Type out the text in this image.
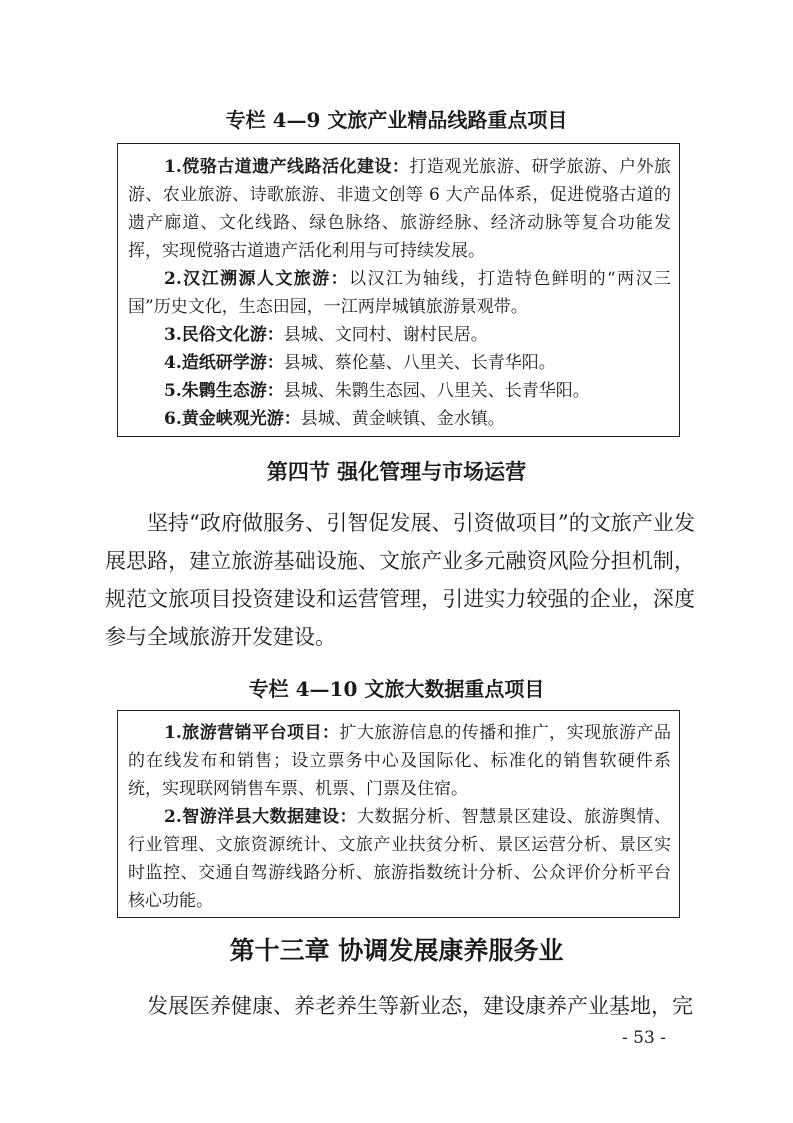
专栏 4—9 文旅产业精品线路重点项目
1.傥骆古道遗产线路活化建设：打造观光旅游、研学旅游、户外旅游、农业旅游、诗歌旅游、非遗文创等 6 大产品体系，促进傥骆古道的遗产廊道、文化线路、绿色脉络、旅游经脉、经济动脉等复合功能发挥，实现傥骆古道遗产活化利用与可持续发展。
2.汉江溯源人文旅游：以汉江为轴线，打造特色鲜明的“两汉三国”历史文化，生态田园，一江两岸城镇旅游景观带。
3.民俗文化游：县城、文同村、谢村民居。
4.造纸研学游：县城、蔡伦墓、八里关、长青华阳。
5.朱鹮生态游：县城、朱鹮生态园、八里关、长青华阳。
6.黄金峡观光游：县城、黄金峡镇、金水镇。
第四节 强化管理与市场运营
坚持“政府做服务、引智促发展、引资做项目”的文旅产业发展思路，建立旅游基础设施、文旅产业多元融资风险分担机制，规范文旅项目投资建设和运营管理，引进实力较强的企业，深度参与全域旅游开发建设。
专栏 4—10 文旅大数据重点项目
1.旅游营销平台项目：扩大旅游信息的传播和推广，实现旅游产品的在线发布和销售；设立票务中心及国际化、标准化的销售软硬件系统，实现联网销售车票、机票、门票及住宿。
2.智游洋县大数据建设：大数据分析、智慧景区建设、旅游舆情、行业管理、文旅资源统计、文旅产业扶贫分析、景区运营分析、景区实时监控、交通自驾游线路分析、旅游指数统计分析、公众评价分析平台核心功能。
第十三章 协调发展康养服务业
发展医养健康、养老养生等新业态，建设康养产业基地，完
- 53 -
